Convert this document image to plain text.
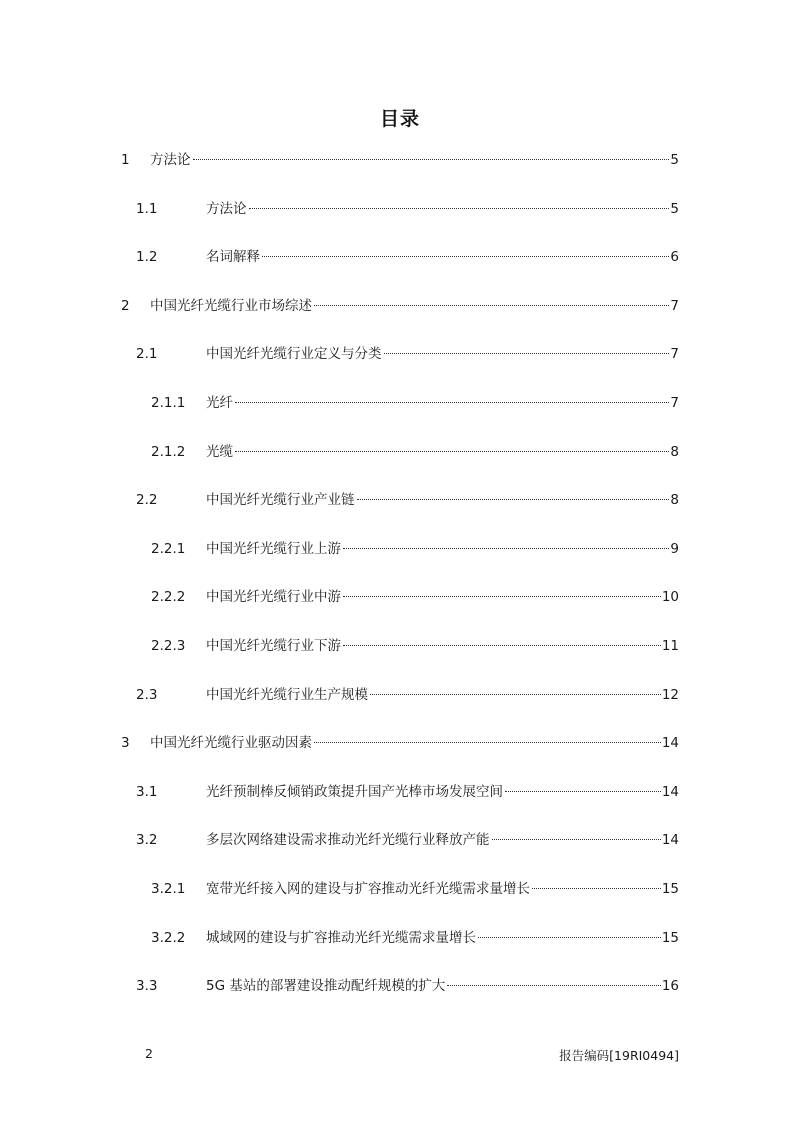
目录
1 方法论	5
1.1	方法论	5
1.2	名词解释	6
2 中国光纤光缆行业市场综述	7
2.1	中国光纤光缆行业定义与分类	7
2.1.1 光纤	7
2.1.2 光缆	8
2.2	中国光纤光缆行业产业链	8
2.2.1 中国光纤光缆行业上游	9
2.2.2 中国光纤光缆行业中游	10
2.2.3 中国光纤光缆行业下游	11
2.3	中国光纤光缆行业生产规模	12
3 中国光纤光缆行业驱动因素	14
3.1	光纤预制棒反倾销政策提升国产光棒市场发展空间	14
3.2	多层次网络建设需求推动光纤光缆行业释放产能	14
3.2.1 宽带光纤接入网的建设与扩容推动光纤光缆需求量增长	15
3.2.2 城域网的建设与扩容推动光纤光缆需求量增长	15
3.3	5G 基站的部署建设推动配纤规模的扩大	16
2	报告编码[19RI0494]
